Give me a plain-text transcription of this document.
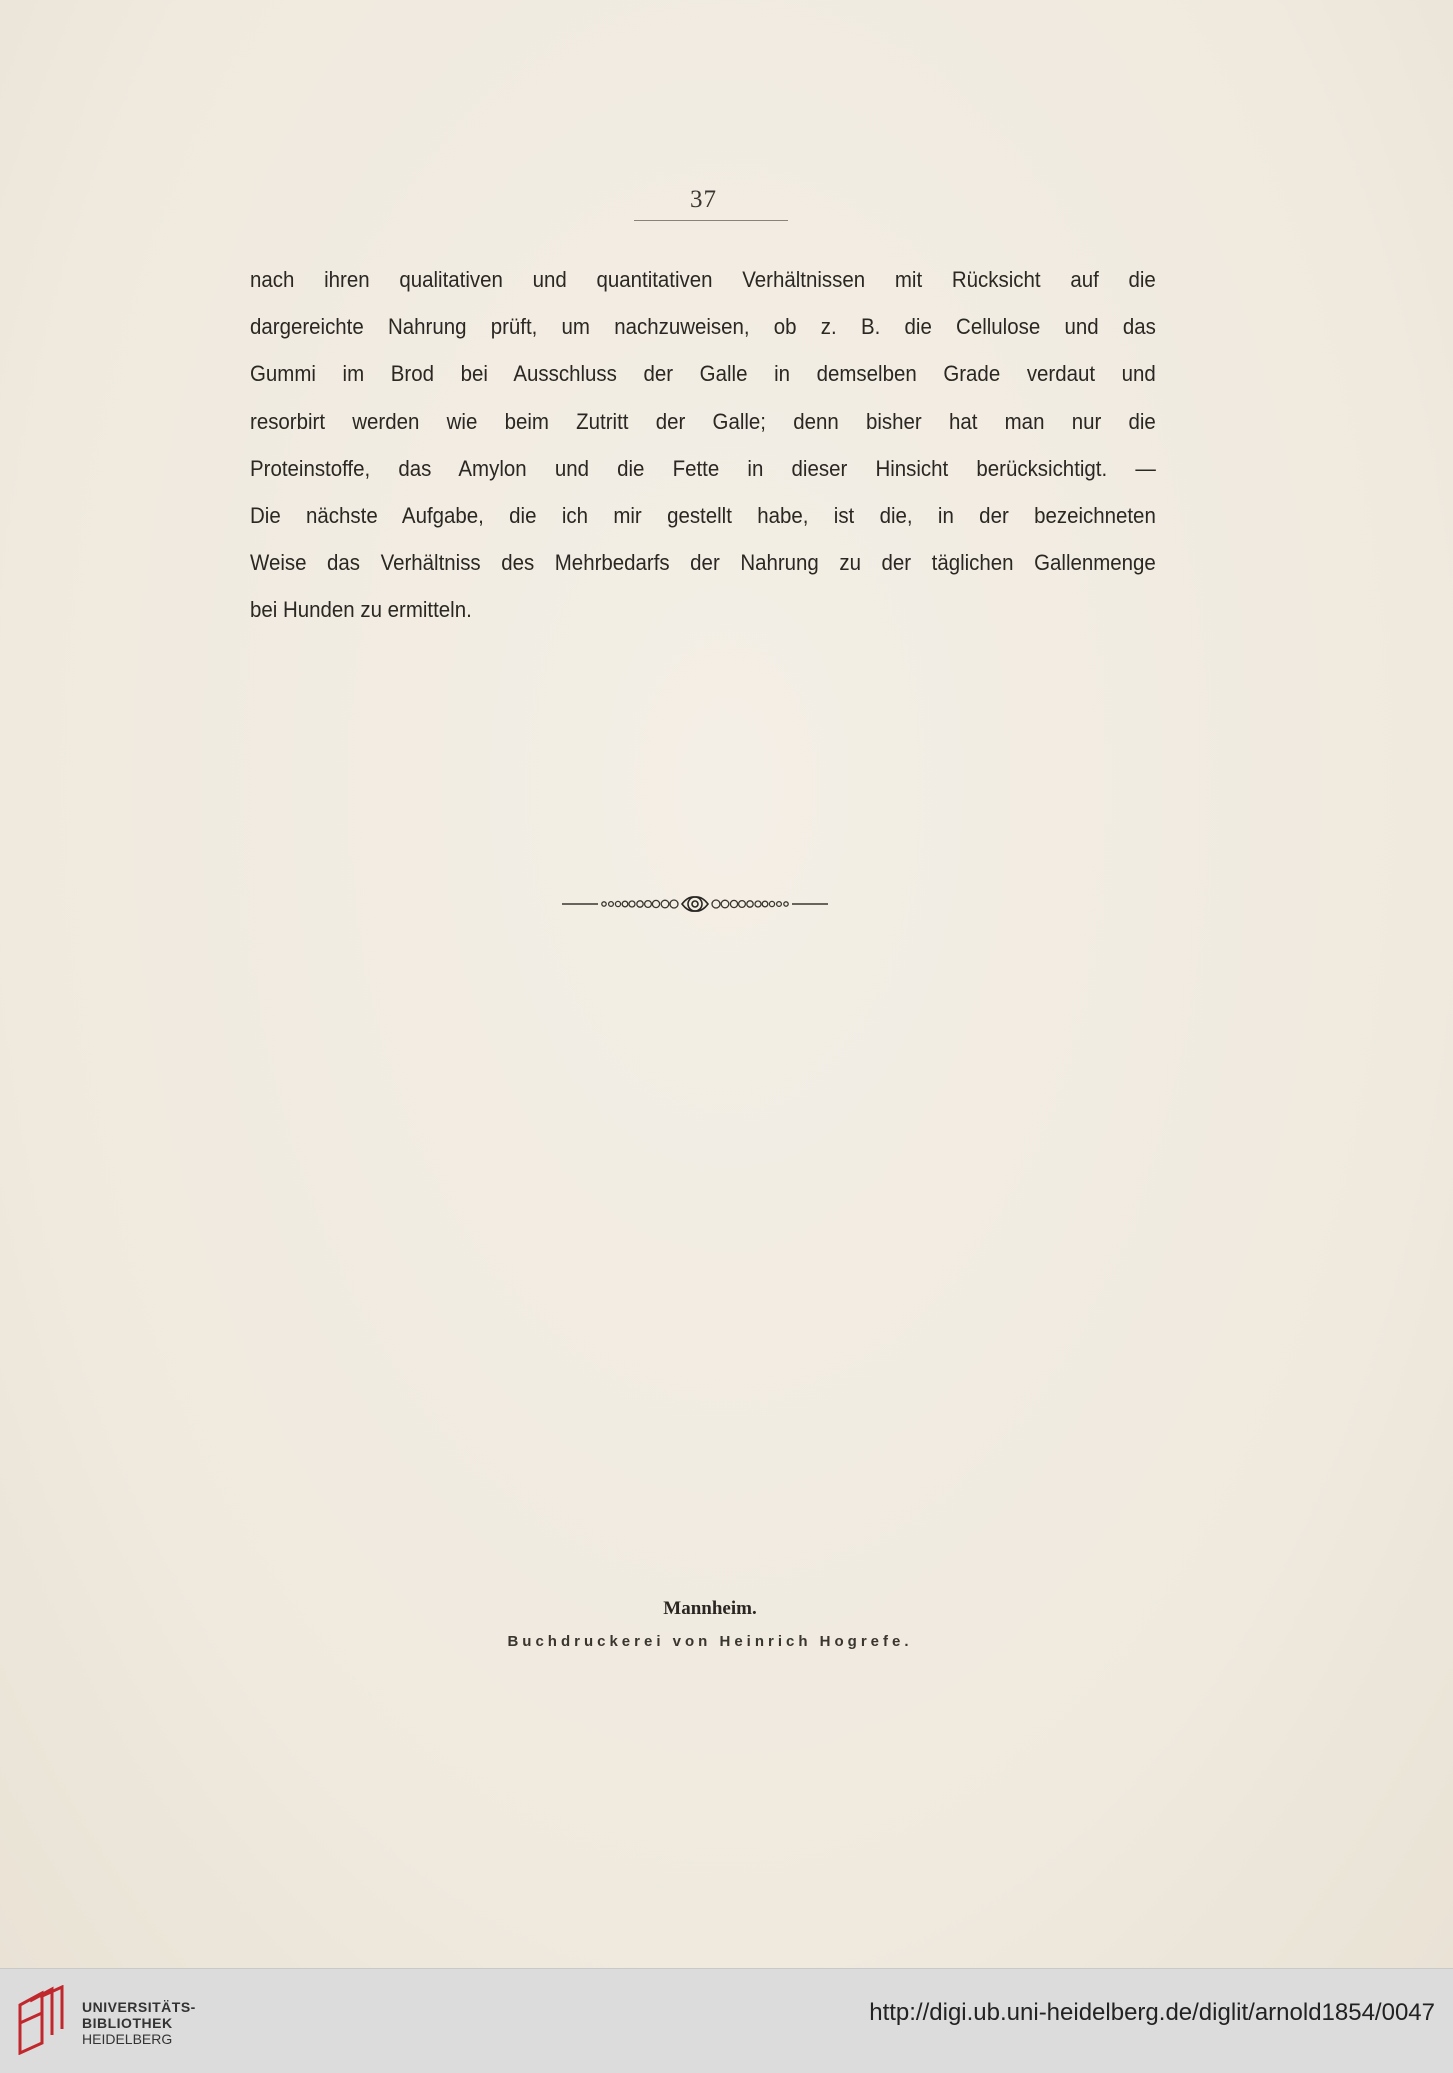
37
nach ihren qualitativen und quantitativen Verhältnissen mit Rücksicht auf die
dargereichte Nahrung prüft, um nachzuweisen, ob z. B. die Cellulose und das
Gummi im Brod bei Ausschluss der Galle in demselben Grade verdaut und
resorbirt werden wie beim Zutritt der Galle; denn bisher hat man nur die
Proteinstoffe, das Amylon und die Fette in dieser Hinsicht berücksichtigt. —
Die nächste Aufgabe, die ich mir gestellt habe, ist die, in der bezeichneten
Weise das Verhältniss des Mehrbedarfs der Nahrung zu der täglichen Gallenmenge
bei Hunden zu ermitteln.
Mannheim.
Buchdruckerei von Heinrich Hogrefe.
UNIVERSITÄTS-
BIBLIOTHEK
HEIDELBERG
http://digi.ub.uni-heidelberg.de/diglit/arnold1854/0047
